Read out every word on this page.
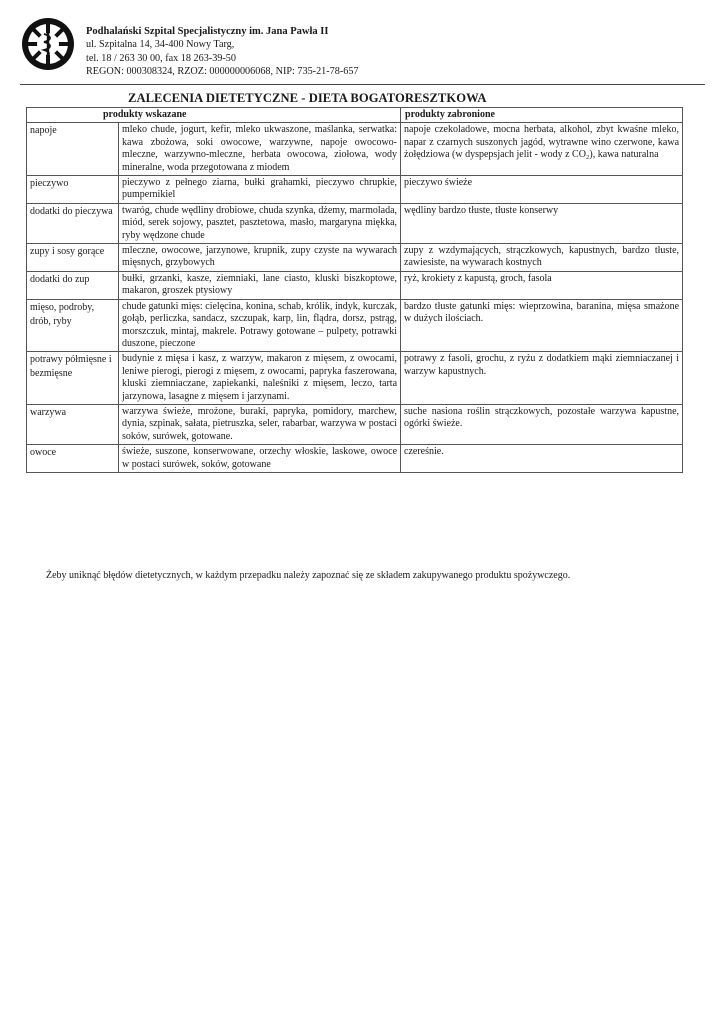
Podhalański Szpital Specjalistyczny im. Jana Pawła II
ul. Szpitalna 14, 34-400 Nowy Targ,
tel. 18 / 263 30 00, fax 18 263-39-50
REGON: 000308324, RZOZ: 000000006068, NIP: 735-21-78-657
ZALECENIA DIETETYCZNE - DIETA BOGATORESZTKOWA
produkty wskazane		produkty zabronione
napoje	mleko chude, jogurt, kefir, mleko ukwaszone, maślanka, serwatka: kawa zbożowa, soki owocowe, warzywne, napoje owocowo-mleczne, warzywno-mleczne, herbata owocowa, ziołowa, wody mineralne, woda przegotowana z miodem	napoje czekoladowe, mocna herbata, alkohol, zbyt kwaśne mleko, napar z czarnych suszonych jagód, wytrawne wino czerwone, kawa żołędziowa (w dyspepsjach jelit - wody z CO₂), kawa naturalna
pieczywo	pieczywo z pełnego ziarna, bułki grahamki, pieczywo chrupkie, pumpernikiel	pieczywo świeże
dodatki do pieczywa	twaróg, chude wędliny drobiowe, chuda szynka, dżemy, marmolada, miód, serek sojowy, pasztet, pasztetowa, masło, margaryna miękka, ryby wędzone chude	wędliny bardzo tłuste, tłuste konserwy
zupy i sosy gorące	mleczne, owocowe, jarzynowe, krupnik, zupy czyste na wywarach mięsnych, grzybowych	zupy z wzdymających, strączkowych, kapustnych, bardzo tłuste, zawiesiste, na wywarach kostnych
dodatki do zup	bułki, grzanki, kasze, ziemniaki, lane ciasto, kluski biszkoptowe, makaron, groszek ptysiowy	ryż, krokiety z kapustą, groch, fasola
mięso, podroby, drób, ryby	chude gatunki mięs: cielęcina, konina, schab, królik, indyk, kurczak, gołąb, perliczka, sandacz, szczupak, karp, lin, flądra, dorsz, pstrąg, morszczuk, mintaj, makrele. Potrawy gotowane – pulpety, potrawki duszone, pieczone	bardzo tłuste gatunki mięs: wieprzowina, baranina, mięsa smażone w dużych ilościach.
potrawy półmięsne i bezmięsne	budynie z mięsa i kasz, z warzyw, makaron z mięsem, z owocami, leniwe pierogi, pierogi z mięsem, z owocami, papryka faszerowana, kluski ziemniaczane, zapiekanki, naleśniki z mięsem, leczo, tarta jarzynowa, lasagne z mięsem i jarzynami.	potrawy z fasoli, grochu, z ryżu z dodatkiem mąki ziemniaczanej i warzyw kapustnych.
warzywa	warzywa świeże, mrożone, buraki, papryka, pomidory, marchew, dynia, szpinak, sałata, pietruszka, seler, rabarbar, warzywa w postaci soków, surówek, gotowane.	suche nasiona roślin strączkowych, pozostałe warzywa kapustne, ogórki świeże.
owoce	świeże, suszone, konserwowane, orzechy włoskie, laskowe, owoce w postaci surówek, soków, gotowane	czereśnie.
Żeby uniknąć błędów dietetycznych, w każdym przepadku należy zapoznać się ze składem zakupywanego produktu spożywczego.
